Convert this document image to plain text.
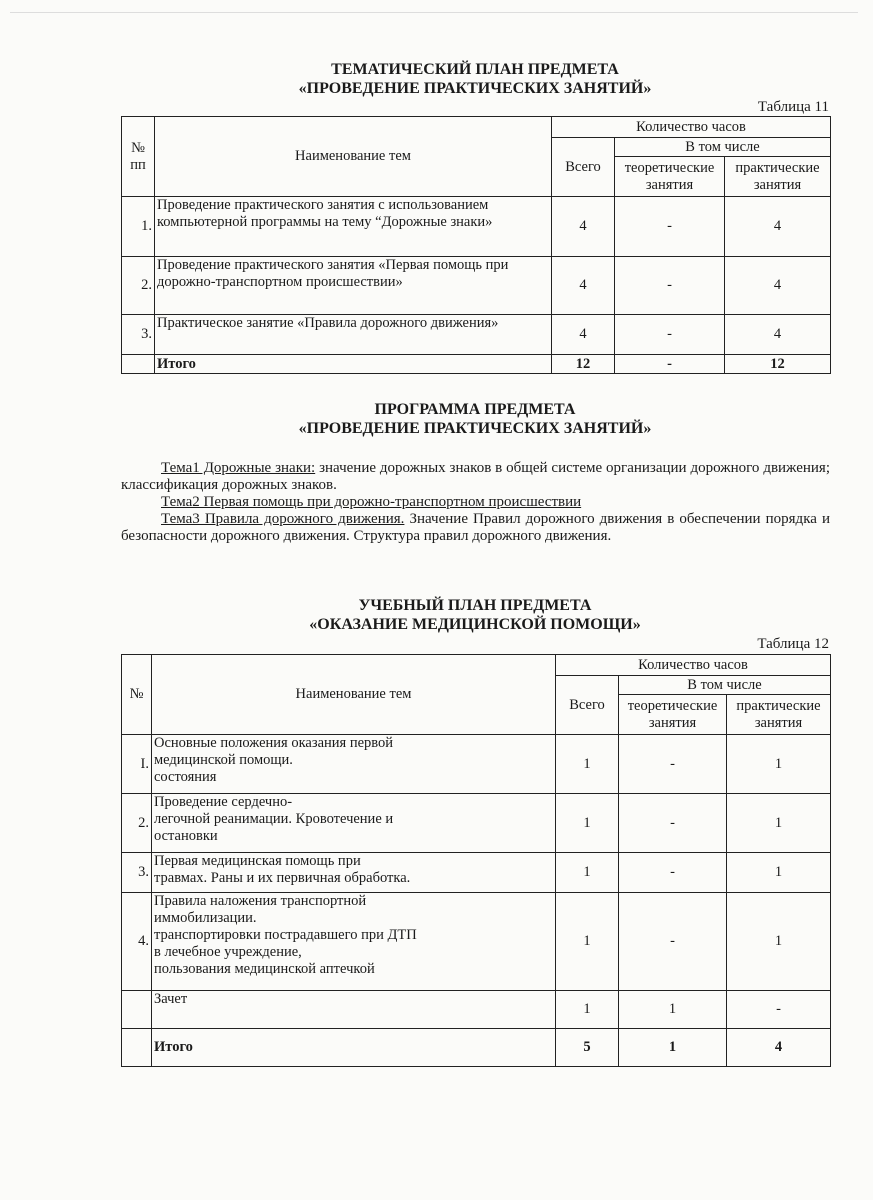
ТЕМАТИЧЕСКИЙ ПЛАН ПРЕДМЕТА
«ПРОВЕДЕНИЕ ПРАКТИЧЕСКИХ ЗАНЯТИЙ»
Таблица 11
№ пп	Наименование тем	Количество часов		
		Всего	В том числе	
			теоретические занятия	практические занятия
1.	Проведение практического занятия с использованием компьютерной программы на тему “Дорожные знаки»	4	-	4
2.	Проведение практического занятия «Первая помощь при дорожно-транспортном происшествии»	4	-	4
3.	Практическое занятие «Правила дорожного движения»	4	-	4
	Итого	12	-	12
ПРОГРАММА ПРЕДМЕТА
«ПРОВЕДЕНИЕ ПРАКТИЧЕСКИХ ЗАНЯТИЙ»

Тема1 Дорожные знаки: значение дорожных знаков в общей системе организации дорожного движения; классификация дорожных знаков.

Тема2 Первая помощь при дорожно-транспортном происшествии

Тема3 Правила дорожного движения. Значение Правил дорожного движения в обеспечении порядка и безопасности дорожного движения. Структура правил дорожного движения.

УЧЕБНЫЙ ПЛАН ПРЕДМЕТА
«ОКАЗАНИЕ МЕДИЦИНСКОЙ ПОМОЩИ»
Таблица 12
№	Наименование тем	Количество часов		
		Всего	В том числе	
			теоретические занятия	практические занятия
I.	Основные положения оказания первой
медицинской помощи.
состояния	1	-	1
2.	Проведение сердечно-
легочной реанимации. Кровотечение и
остановки	1	-	1
3.	Первая медицинская помощь при
травмах. Раны и их первичная обработка.	1	-	1
4.	Правила наложения транспортной
иммобилизации.
транспортировки пострадавшего при ДТП
в лечебное учреждение,
пользования медицинской аптечкой	1	-	1

	Зачет	1	1	-
	Итого	5	1	4
